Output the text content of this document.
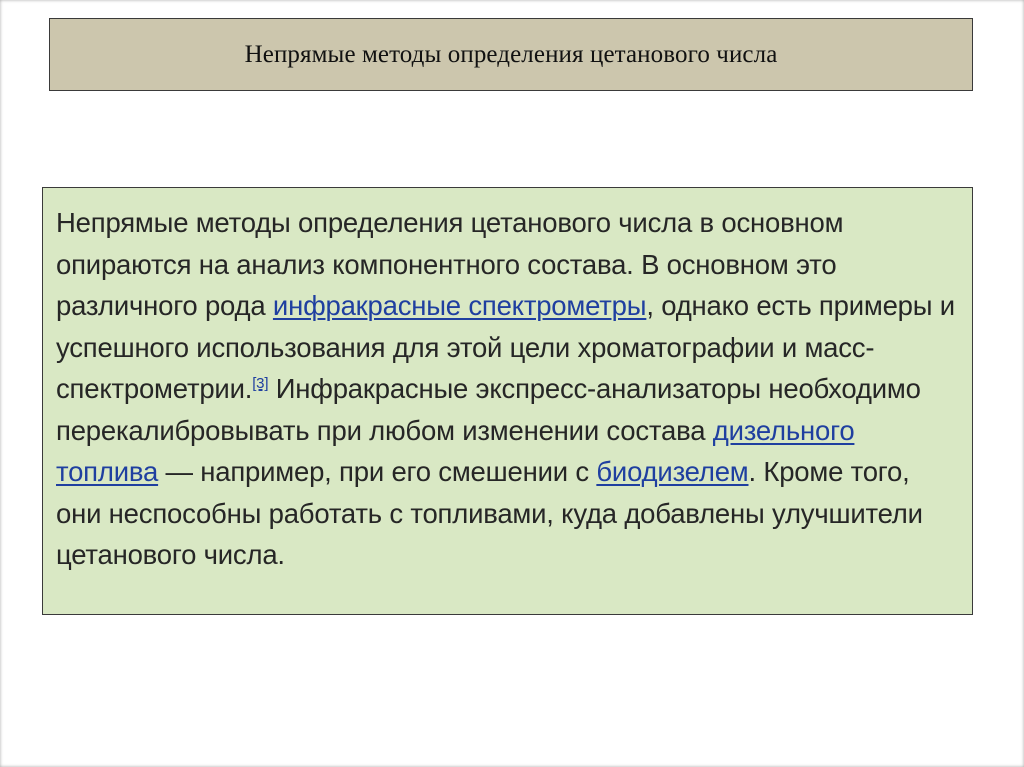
Непрямые методы определения цетанового числа

Непрямые методы определения цетанового числа в основном опираются на анализ компонентного состава. В основном это различного рода инфракрасные спектрометры, однако есть примеры и успешного использования для этой цели хроматографии и масс-спектрометрии.[3] Инфракрасные экспресс-анализаторы необходимо перекалибровывать при любом изменении состава дизельного топлива — например, при его смешении с биодизелем. Кроме того, они неспособны работать с топливами, куда добавлены улучшители цетанового числа.
